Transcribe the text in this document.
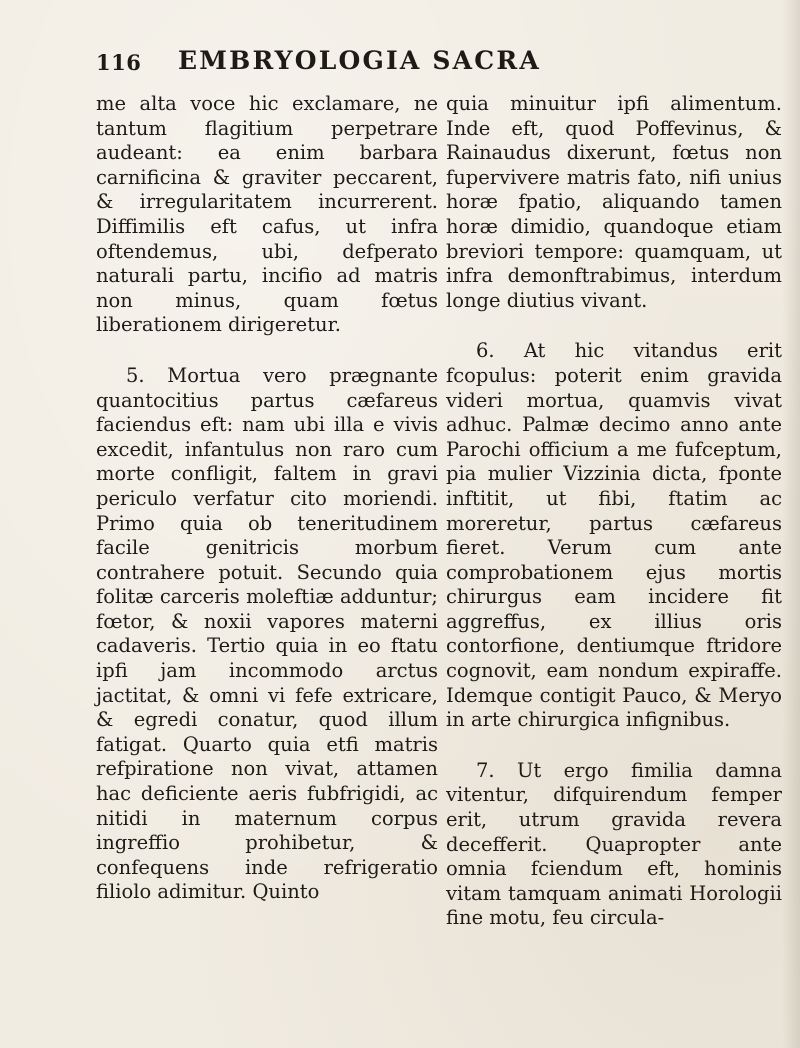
116 EMBRYOLOGIA SACRA

me alta voce hic exclamare, ne tantum flagitium perpetrare audeant: ea enim barbara carnificina & graviter peccarent, & irregularitatem incurrerent. Diffimilis eft cafus, ut infra oftendemus, ubi, defperato naturali partu, incifio ad matris non minus, quam fœtus liberationem dirigeretur.

5. Mortua vero prægnante quantocitius partus cæfareus faciendus eft: nam ubi illa e vivis excedit, infantulus non raro cum morte confligit, faltem in gravi periculo verfatur cito moriendi. Primo quia ob teneritudinem facile genitricis morbum contrahere potuit. Secundo quia folitæ carceris moleftiæ adduntur; fœtor, & noxii vapores materni cadaveris. Tertio quia in eo ftatu ipfi jam incommodo arctus jactitat, & omni vi fefe extricare, & egredi conatur, quod illum fatigat. Quarto quia etfi matris refpiratione non vivat, attamen hac deficiente aeris fubfrigidi, ac nitidi in maternum corpus ingreffio prohibetur, & confequens inde refrigeratio filiolo adimitur. Quinto

quia minuitur ipfi alimentum. Inde eft, quod Poffevinus, & Rainaudus dixerunt, fœtus non fupervivere matris fato, nifi unius horæ fpatio, aliquando tamen horæ dimidio, quandoque etiam breviori tempore: quamquam, ut infra demonftrabimus, interdum longe diutius vivant.

6. At hic vitandus erit fcopulus: poterit enim gravida videri mortua, quamvis vivat adhuc. Palmæ decimo anno ante Parochi officium a me fufceptum, pia mulier Vizzinia dicta, fponte inftitit, ut fibi, ftatim ac moreretur, partus cæfareus fieret. Verum cum ante comprobationem ejus mortis chirurgus eam incidere fit aggreffus, ex illius oris contorfione, dentiumque ftridore cognovit, eam nondum expiraffe. Idemque contigit Pauco, & Meryo in arte chirurgica infignibus.

7. Ut ergo fimilia damna vitentur, difquirendum femper erit, utrum gravida revera decefferit. Quapropter ante omnia fciendum eft, hominis vitam tamquam animati Horologii fine motu, feu circula-
